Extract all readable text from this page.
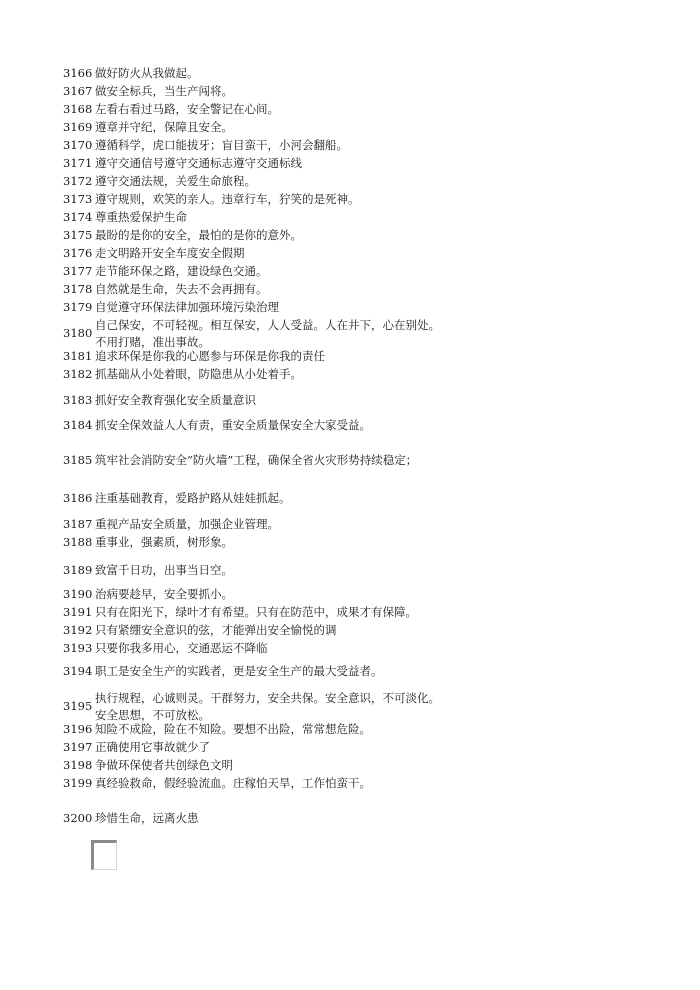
3166 做好防火从我做起。
3167 做安全标兵，当生产闯将。
3168 左看右看过马路，安全警记在心间。
3169 遵章并守纪，保障且安全。
3170 遵循科学，虎口能拔牙；盲目蛮干，小河会翻船。
3171 遵守交通信号遵守交通标志遵守交通标线
3172 遵守交通法规，关爱生命旅程。
3173 遵守规则，欢笑的亲人。违章行车，狞笑的是死神。
3174 尊重热爱保护生命
3175 最盼的是你的安全，最怕的是你的意外。
3176 走文明路开安全车度安全假期
3177 走节能环保之路，建设绿色交通。
3178 自然就是生命，失去不会再拥有。
3179 自觉遵守环保法律加强环境污染治理
3180
自己保安，不可轻视。相互保安，人人受益。人在井下，心在别处。
不用打赌，准出事故。
3181 追求环保是你我的心愿参与环保是你我的责任
3182 抓基础从小处着眼，防隐患从小处着手。
3183 抓好安全教育强化安全质量意识
3184 抓安全保效益人人有责，重安全质量保安全大家受益。
3185 筑牢社会消防安全“防火墙”工程，确保全省火灾形势持续稳定；
3186 注重基础教育，爱路护路从娃娃抓起。
3187 重视产品安全质量，加强企业管理。
3188 重事业，强素质，树形象。
3189 致富千日功，出事当日空。
3190 治病要趁早，安全要抓小。
3191 只有在阳光下，绿叶才有希望。只有在防范中，成果才有保障。
3192 只有紧绷安全意识的弦，才能弹出安全愉悦的调
3193 只要你我多用心，交通恶运不降临
3194 职工是安全生产的实践者，更是安全生产的最大受益者。
3195
执行规程，心诚则灵。干群努力，安全共保。安全意识，不可淡化。
安全思想，不可放松。
3196 知险不成险，险在不知险。要想不出险，常常想危险。
3197 正确使用它事故就少了
3198 争做环保使者共创绿色文明
3199 真经验救命，假经验流血。庄稼怕天旱，工作怕蛮干。
3200 珍惜生命，远离火患
